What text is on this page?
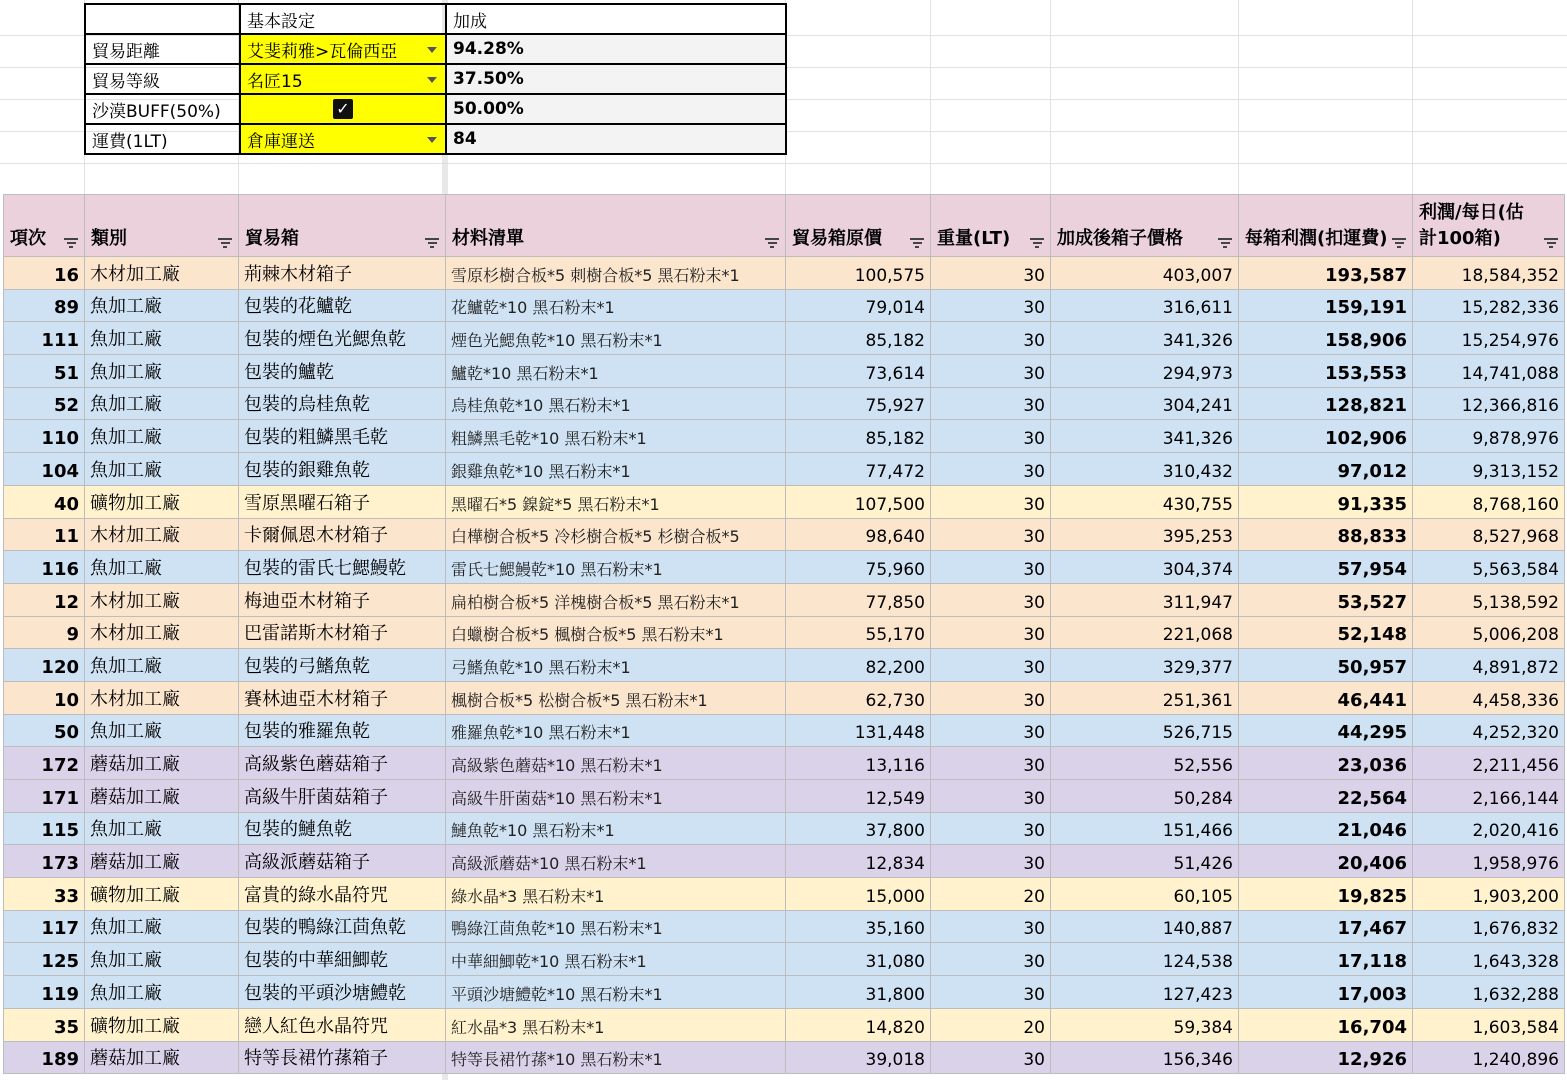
	基本設定	加成
貿易距離	艾斐莉雅>瓦倫西亞	94.28%
貿易等級	名匠15	37.50%
沙漠BUFF(50%)	✓	50.00%
運費(1LT)	倉庫運送	84
項次	類別	貿易箱	材料清單	貿易箱原價	重量(LT)	加成後箱子價格	每箱利潤(扣運費)	利潤/每日(估計100箱)

16	木材加工廠	荊棘木材箱子	雪原杉樹合板*5 刺樹合板*5 黑石粉末*1	100,575	30	403,007	193,587	18,584,352
89	魚加工廠	包裝的花鱸乾	花鱸乾*10 黑石粉末*1	79,014	30	316,611	159,191	15,282,336
111	魚加工廠	包裝的煙色光鰓魚乾	煙色光鰓魚乾*10 黑石粉末*1	85,182	30	341,326	158,906	15,254,976
51	魚加工廠	包裝的鱸乾	鱸乾*10 黑石粉末*1	73,614	30	294,973	153,553	14,741,088
52	魚加工廠	包裝的烏桂魚乾	烏桂魚乾*10 黑石粉末*1	75,927	30	304,241	128,821	12,366,816
110	魚加工廠	包裝的粗鱗黑毛乾	粗鱗黑毛乾*10 黑石粉末*1	85,182	30	341,326	102,906	9,878,976
104	魚加工廠	包裝的銀雞魚乾	銀雞魚乾*10 黑石粉末*1	77,472	30	310,432	97,012	9,313,152
40	礦物加工廠	雪原黑曜石箱子	黑曜石*5 鎳錠*5 黑石粉末*1	107,500	30	430,755	91,335	8,768,160
11	木材加工廠	卡爾佩恩木材箱子	白樺樹合板*5 冷杉樹合板*5 杉樹合板*5	98,640	30	395,253	88,833	8,527,968
116	魚加工廠	包裝的雷氏七鰓鰻乾	雷氏七鰓鰻乾*10 黑石粉末*1	75,960	30	304,374	57,954	5,563,584
12	木材加工廠	梅迪亞木材箱子	扁柏樹合板*5 洋槐樹合板*5 黑石粉末*1	77,850	30	311,947	53,527	5,138,592
9	木材加工廠	巴雷諾斯木材箱子	白蠟樹合板*5 楓樹合板*5 黑石粉末*1	55,170	30	221,068	52,148	5,006,208
120	魚加工廠	包裝的弓鰭魚乾	弓鰭魚乾*10 黑石粉末*1	82,200	30	329,377	50,957	4,891,872
10	木材加工廠	賽林迪亞木材箱子	楓樹合板*5 松樹合板*5 黑石粉末*1	62,730	30	251,361	46,441	4,458,336
50	魚加工廠	包裝的雅羅魚乾	雅羅魚乾*10 黑石粉末*1	131,448	30	526,715	44,295	4,252,320
172	蘑菇加工廠	高級紫色蘑菇箱子	高級紫色蘑菇*10 黑石粉末*1	13,116	30	52,556	23,036	2,211,456
171	蘑菇加工廠	高級牛肝菌菇箱子	高級牛肝菌菇*10 黑石粉末*1	12,549	30	50,284	22,564	2,166,144
115	魚加工廠	包裝的鰱魚乾	鰱魚乾*10 黑石粉末*1	37,800	30	151,466	21,046	2,020,416
173	蘑菇加工廠	高級派蘑菇箱子	高級派蘑菇*10 黑石粉末*1	12,834	30	51,426	20,406	1,958,976
33	礦物加工廠	富貴的綠水晶符咒	綠水晶*3 黑石粉末*1	15,000	20	60,105	19,825	1,903,200
117	魚加工廠	包裝的鴨綠江茴魚乾	鴨綠江茴魚乾*10 黑石粉末*1	35,160	30	140,887	17,467	1,676,832
125	魚加工廠	包裝的中華細鯽乾	中華細鯽乾*10 黑石粉末*1	31,080	30	124,538	17,118	1,643,328
119	魚加工廠	包裝的平頭沙塘鱧乾	平頭沙塘鱧乾*10 黑石粉末*1	31,800	30	127,423	17,003	1,632,288
35	礦物加工廠	戀人紅色水晶符咒	紅水晶*3 黑石粉末*1	14,820	20	59,384	16,704	1,603,584
189	蘑菇加工廠	特等長裙竹蓀箱子	特等長裙竹蓀*10 黑石粉末*1	39,018	30	156,346	12,926	1,240,896
